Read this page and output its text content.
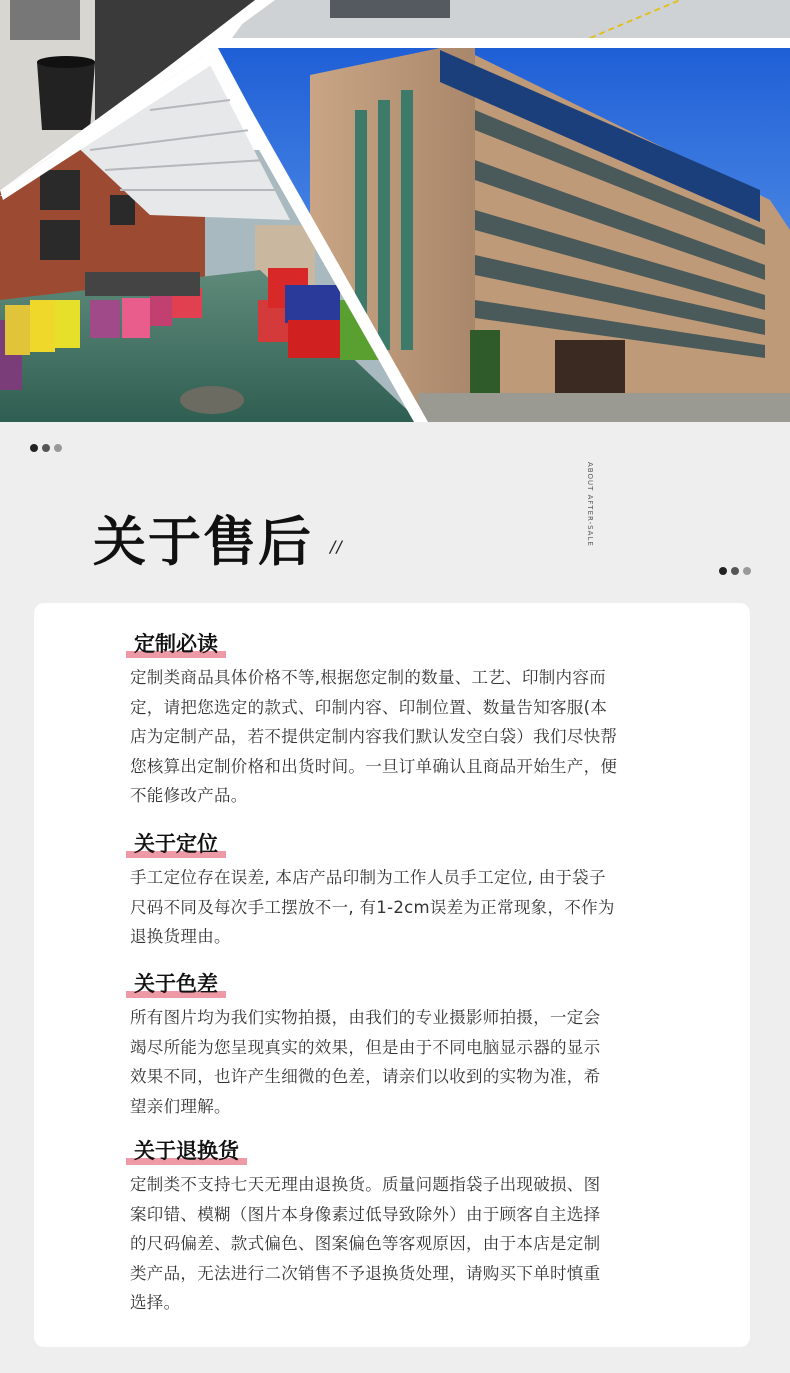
ABOUT AFTER-SALE
关于售后 //
定制必读
定制类商品具体价格不等,根据您定制的数量、工艺、印制内容而
定，请把您选定的款式、印制内容、印制位置、数量告知客服(本
店为定制产品，若不提供定制内容我们默认发空白袋）我们尽快帮
您核算出定制价格和出货时间。一旦订单确认且商品开始生产，便
不能修改产品。
关于定位
手工定位存在误差, 本店产品印制为工作人员手工定位, 由于袋子
尺码不同及每次手工摆放不一, 有1-2cm误差为正常现象，不作为
退换货理由。
关于色差
所有图片均为我们实物拍摄，由我们的专业摄影师拍摄，一定会
竭尽所能为您呈现真实的效果，但是由于不同电脑显示器的显示
效果不同，也许产生细微的色差，请亲们以收到的实物为准，希
望亲们理解。
关于退换货
定制类不支持七天无理由退换货。质量问题指袋子出现破损、图
案印错、模糊（图片本身像素过低导致除外）由于顾客自主选择
的尺码偏差、款式偏色、图案偏色等客观原因，由于本店是定制
类产品，无法进行二次销售不予退换货处理，请购买下单时慎重
选择。
